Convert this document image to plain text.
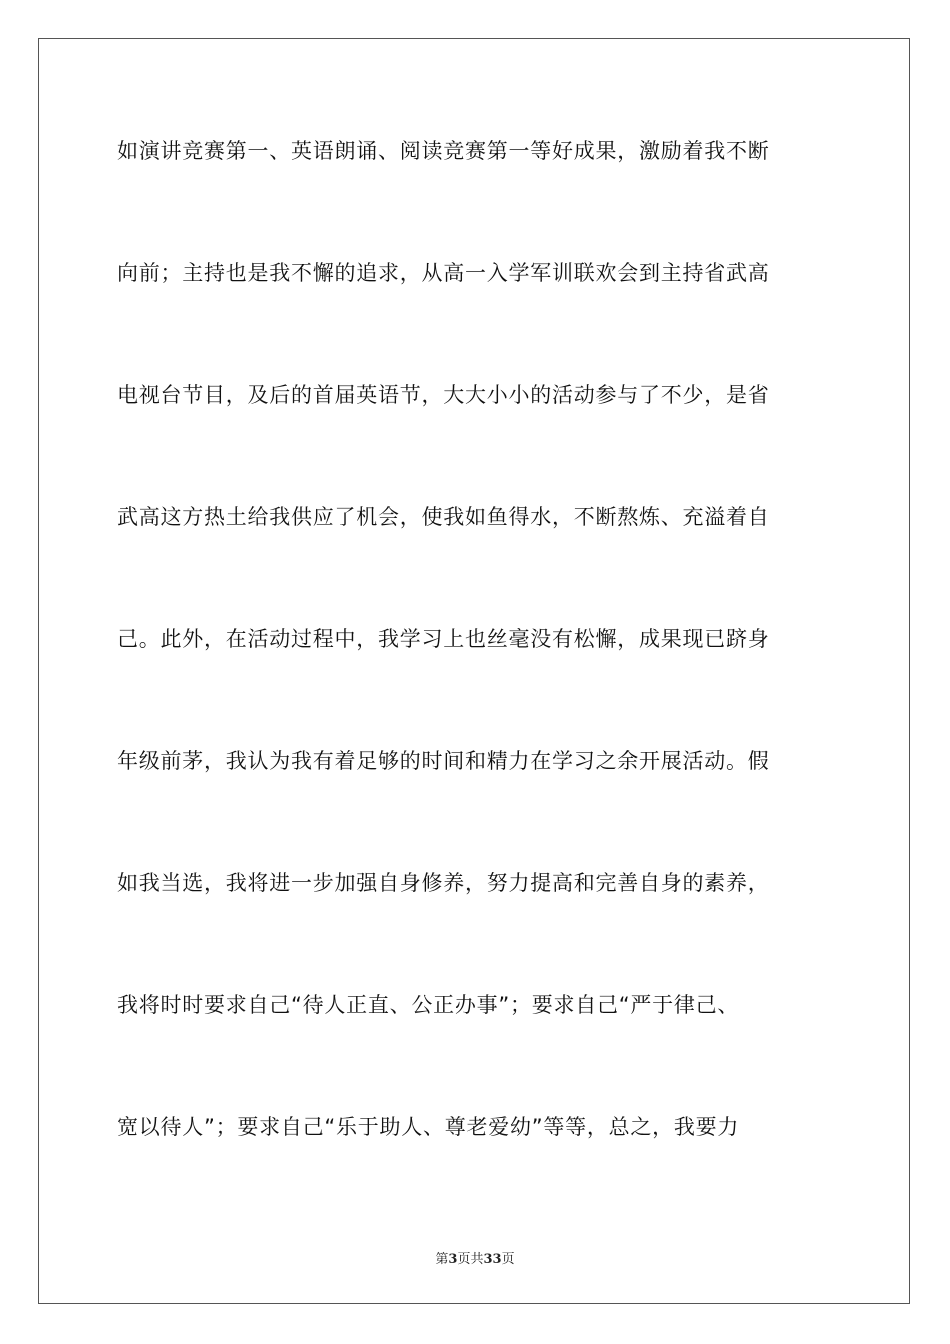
如演讲竞赛第一、英语朗诵、阅读竞赛第一等好成果，激励着我不断

向前；主持也是我不懈的追求，从高一入学军训联欢会到主持省武高

电视台节目，及后的首届英语节，大大小小的活动参与了不少，是省

武高这方热土给我供应了机会，使我如鱼得水，不断熬炼、充溢着自

己。此外，在活动过程中，我学习上也丝毫没有松懈，成果现已跻身

年级前茅，我认为我有着足够的时间和精力在学习之余开展活动。假

如我当选，我将进一步加强自身修养，努力提高和完善自身的素养，

我将时时要求自己“待人正直、公正办事”；要求自己“严于律己、

宽以待人”；要求自己“乐于助人、尊老爱幼”等等，总之，我要力

第3页共33页
